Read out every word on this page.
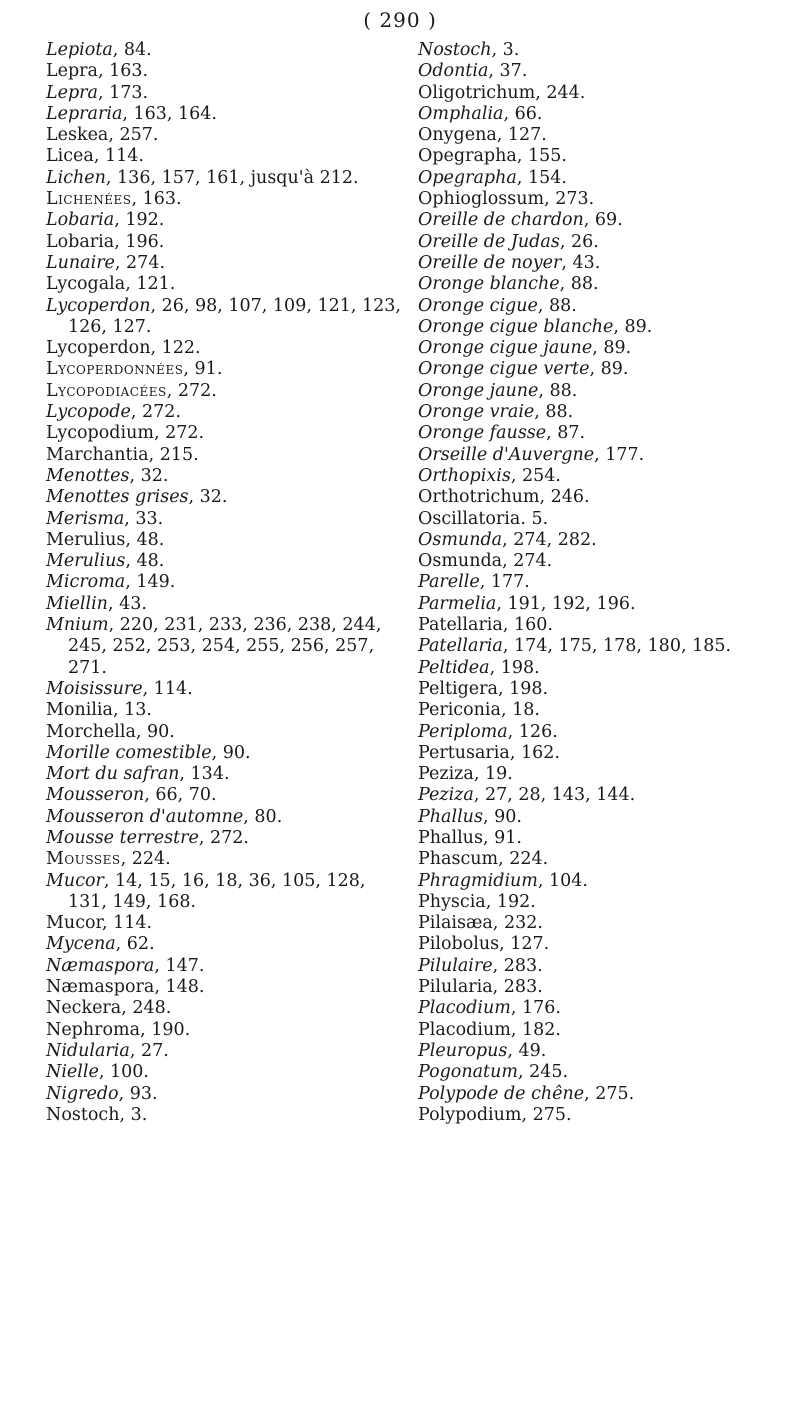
( 290 )

Lepiota, 84.

Lepra, 163.

Lepra, 173.

Lepraria, 163, 164.

Leskea, 257.

Licea, 114.

Lichen, 136, 157, 161, jusqu'à 212.

Lichenées, 163.

Lobaria, 192.

Lobaria, 196.

Lunaire, 274.

Lycogala, 121.

Lycoperdon, 26, 98, 107, 109, 121, 123, 126, 127.

Lycoperdon, 122.

Lycoperdonnées, 91.

Lycopodiacées, 272.

Lycopode, 272.

Lycopodium, 272.

Marchantia, 215.

Menottes, 32.

Menottes grises, 32.

Merisma, 33.

Merulius, 48.

Merulius, 48.

Microma, 149.

Miellin, 43.

Mnium, 220, 231, 233, 236, 238, 244, 245, 252, 253, 254, 255, 256, 257, 271.

Moisissure, 114.

Monilia, 13.

Morchella, 90.

Morille comestible, 90.

Mort du safran, 134.

Mousseron, 66, 70.

Mousseron d'automne, 80.

Mousse terrestre, 272.

Mousses, 224.

Mucor, 14, 15, 16, 18, 36, 105, 128, 131, 149, 168.

Mucor, 114.

Mycena, 62.

Næmaspora, 147.

Næmaspora, 148.

Neckera, 248.

Nephroma, 190.

Nidularia, 27.

Nielle, 100.

Nigredo, 93.

Nostoch, 3.

Nostoch, 3.

Odontia, 37.

Oligotrichum, 244.

Omphalia, 66.

Onygena, 127.

Opegrapha, 155.

Opegrapha, 154.

Ophioglossum, 273.

Oreille de chardon, 69.

Oreille de Judas, 26.

Oreille de noyer, 43.

Oronge blanche, 88.

Oronge cigue, 88.

Oronge cigue blanche, 89.

Oronge cigue jaune, 89.

Oronge cigue verte, 89.

Oronge jaune, 88.

Oronge vraie, 88.

Oronge fausse, 87.

Orseille d'Auvergne, 177.

Orthopixis, 254.

Orthotrichum, 246.

Oscillatoria. 5.

Osmunda, 274, 282.

Osmunda, 274.

Parelle, 177.

Parmelia, 191, 192, 196.

Patellaria, 160.

Patellaria, 174, 175, 178, 180, 185.

Peltidea, 198.

Peltigera, 198.

Periconia, 18.

Periploma, 126.

Pertusaria, 162.

Peziza, 19.

Peziza, 27, 28, 143, 144.

Phallus, 90.

Phallus, 91.

Phascum, 224.

Phragmidium, 104.

Physcia, 192.

Pilaisæa, 232.

Pilobolus, 127.

Pilulaire, 283.

Pilularia, 283.

Placodium, 176.

Placodium, 182.

Pleuropus, 49.

Pogonatum, 245.

Polypode de chêne, 275.

Polypodium, 275.
